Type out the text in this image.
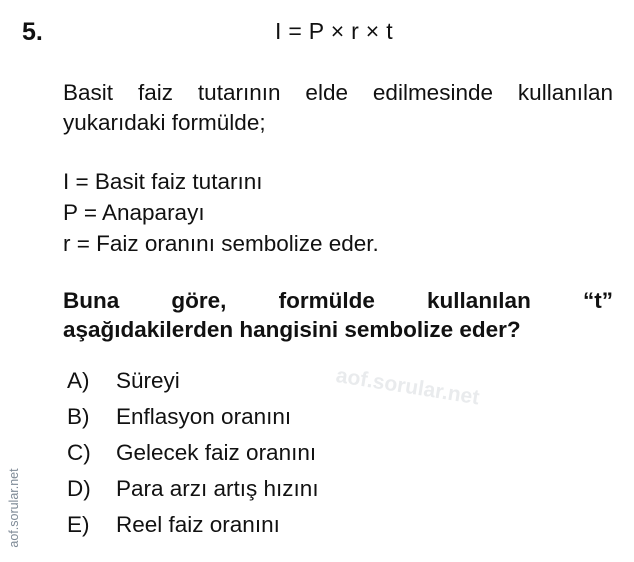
5.	I = P × r × t
Basit faiz tutarının elde edilmesinde kullanılan
yukarıdaki formülde;
I = Basit faiz tutarını
P = Anaparayı
r = Faiz oranını sembolize eder.
Buna göre, formülde kullanılan “t”
aşağıdakilerden hangisini sembolize eder?
aof.sorular.net
A) Süreyi
B) Enflasyon oranını
C) Gelecek faiz oranını
D) Para arzı artış hızını
E) Reel faiz oranını
aof.sorular.net
